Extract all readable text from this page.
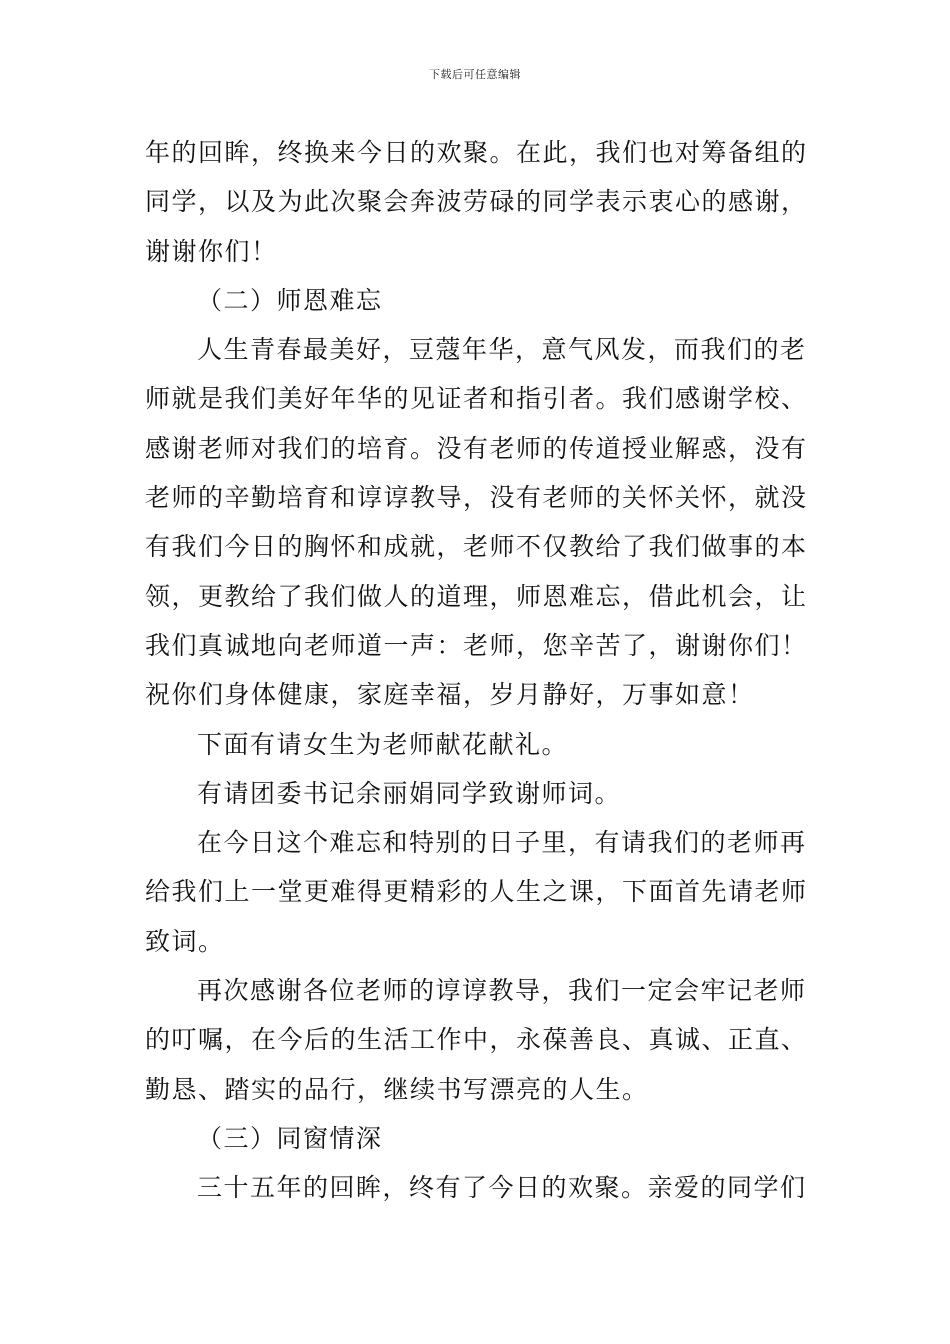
下载后可任意编辑
年的回眸，终换来今日的欢聚。在此，我们也对筹备组的
同学，以及为此次聚会奔波劳碌的同学表示衷心的感谢，
谢谢你们！
（二）师恩难忘
人生青春最美好，豆蔻年华，意气风发，而我们的老
师就是我们美好年华的见证者和指引者。我们感谢学校、
感谢老师对我们的培育。没有老师的传道授业解惑，没有
老师的辛勤培育和谆谆教导，没有老师的关怀关怀，就没
有我们今日的胸怀和成就，老师不仅教给了我们做事的本
领，更教给了我们做人的道理，师恩难忘，借此机会，让
我们真诚地向老师道一声：老师，您辛苦了，谢谢你们！
祝你们身体健康，家庭幸福，岁月静好，万事如意！
下面有请女生为老师献花献礼。
有请团委书记余丽娟同学致谢师词。
在今日这个难忘和特别的日子里，有请我们的老师再
给我们上一堂更难得更精彩的人生之课，下面首先请老师
致词。
再次感谢各位老师的谆谆教导，我们一定会牢记老师
的叮嘱，在今后的生活工作中，永葆善良、真诚、正直、
勤恳、踏实的品行，继续书写漂亮的人生。
（三）同窗情深
三十五年的回眸，终有了今日的欢聚。亲爱的同学们
